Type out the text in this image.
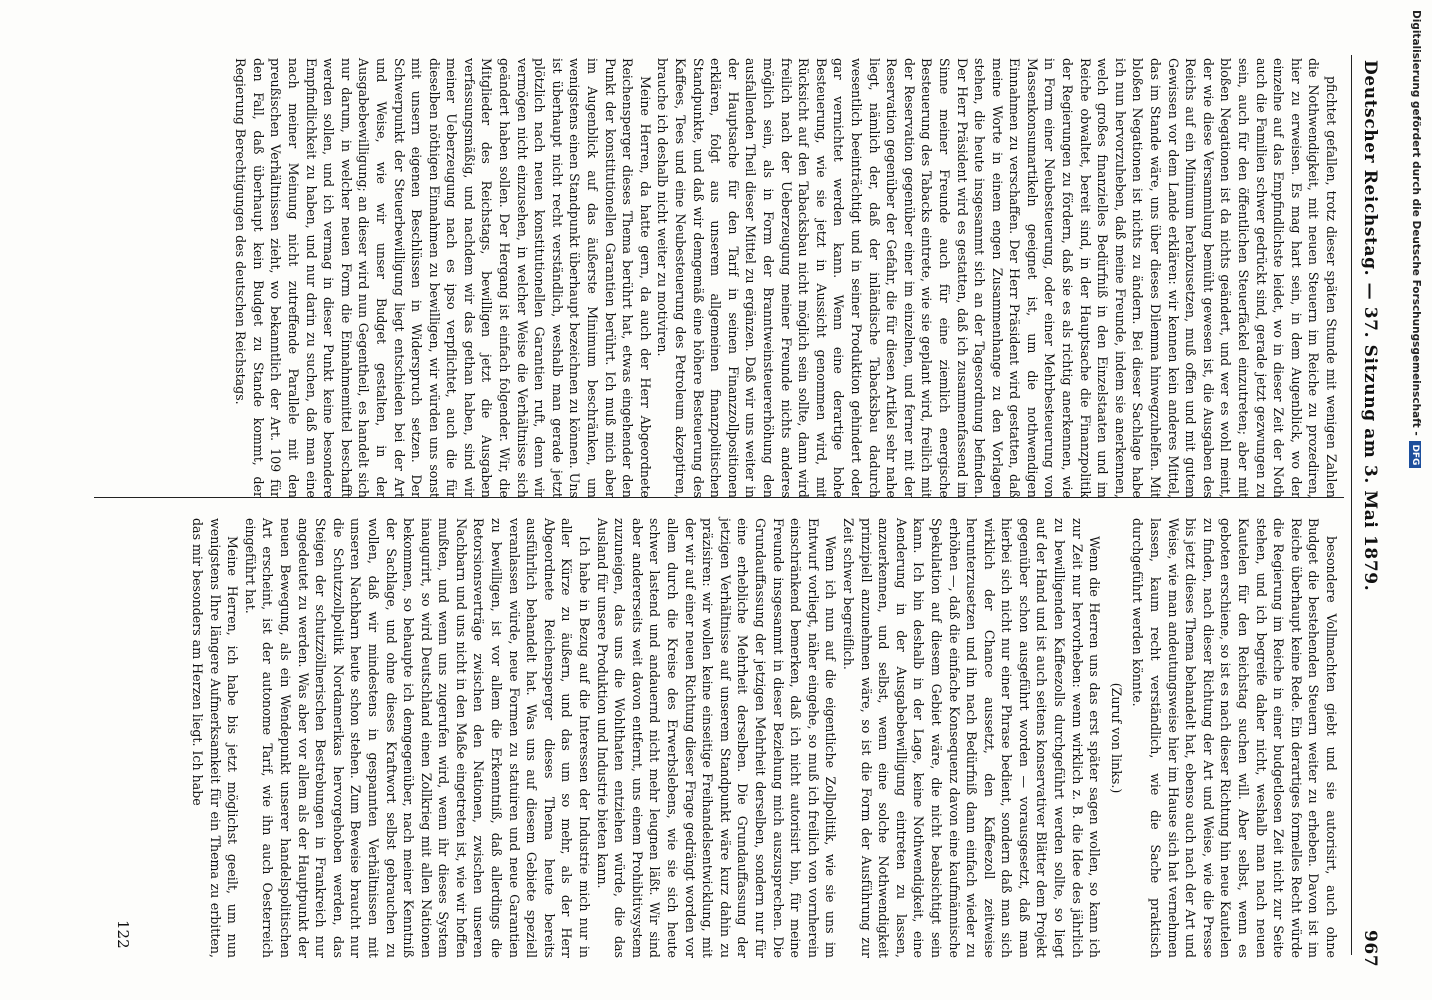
Deutscher Reichstag. — 37. Sitzung am 3. Mai 1879.
967

pfichtet gefallen, trotz dieser späten Stunde mit wenigen Zahlen die Nothwendigkeit, mit neuen Steuern im Reiche zu prozediren, hier zu erweisen. Es mag hart sein, in dem Augenblick, wo der einzelne auf das Empfindlichste leidet, wo in dieser Zeit der Noth auch die Familien schwer gedrückt sind, gerade jetzt gezwungen zu sein, auch für den öffentlichen Steuerfäckel einzutreten; aber mit bloßen Negationen ist da nichts geändert, und wer es wohl meint, der wie diese Versammlung bemüht gewesen ist, die Ausgaben des Reichs auf ein Minimum herabzusetzen, muß offen und mit gutem Gewissen vor dem Lande erklären: wir kennen kein anderes Mittel, das im Stande wäre, uns über dieses Dilemma hinwegzuhelfen. Mit bloßen Negationen ist nichts zu ändern. Bei dieser Sachlage habe ich nun hervorzuheben, daß meine Freunde, indem sie anerkennen, welch großes finanzielles Bedürfniß in den Einzelstaaten und im Reiche obwaltet, bereit sind, in der Hauptsache die Finanzpolitik der Regierungen zu fördern, daß sie es als richtig anerkennen, wie in Form einer Neubesteuerung, oder einer Mehrbesteuerung von Massenkonsumartikeln geeignet ist, um die nothwendigen Einnahmen zu verschaffen. Der Herr Präsident wird gestatten, daß meine Worte in einem engen Zusammenhange zu den Vorlagen stehen, die heute insgesammt sich an der Tagesordnung befinden. Der Herr Präsident wird es gestatten, daß ich zusammenfassend im Sinne meiner Freunde auch für eine ziemlich energische Besteuerung des Tabacks eintrete, wie sie geplant wird, freilich mit der Reservation gegenüber einer im einzelnen, und ferner mit der Reservation gegenüber der Gefahr, die für diesen Artikel sehr nahe liegt, nämlich der, daß der inländische Tabacksbau dadurch wesentlich beeinträchtigt und in seiner Produktion gehindert oder gar vernichtet werden kann. Wenn eine derartige hohe Besteuerung, wie sie jetzt in Aussicht genommen wird, mit Rücksicht auf den Tabacksbau nicht möglich sein sollte, dann wird freilich nach der Ueberzeugung meiner Freunde nichts anderes möglich sein, als in Form der Branntweinsteuererhöhung den ausfallenden Theil dieser Mittel zu ergänzen. Daß wir uns weiter in der Hauptsache für den Tarif in seinen Finanzzollpositionen erklären, folgt aus unserem allgemeinen finanzpolitischen Standpunkte, und daß wir demgemäß eine höhere Besteuerung des Kaffees, Tees und eine Neubesteuerung des Petroleum akzeptiren, brauche ich deshalb nicht weiter zu motiviren.

Meine Herren, da hatte gern, da auch der Herr Abgeordnete Reichensperger dieses Thema berührt hat, etwas eingehender den Punkt der konstitutionellen Garantien berührt. Ich muß mich aber im Augenblick auf das äußerste Minimum beschränken, um wenigstens einen Standpunkt überhaupt bezeichnen zu können. Uns ist überhaupt nicht recht verständlich, weshalb man gerade jetzt plötzlich nach neuen konstitutionellen Garantien ruft, denn wir vermögen nicht einzusehen, in welcher Weise die Verhältnisse sich geändert haben sollen. Der Hergang ist einfach folgender. Wir, die Mitglieder des Reichstags, bewilligen jetzt die Ausgaben verfassungsmäßig, und nachdem wir das gethan haben, sind wir meiner Ueberzeugung nach es ipso verpflichtet, auch die für dieselben nöthigen Einnahmen zu bewilligen, wir würden uns sonst mit unsern eigenen Beschlüssen in Widerspruch setzen. Der Schwerpunkt der Steuerbewilligung liegt entschieden bei der Art und Weise, wie wir unser Budget gestalten, in der Ausgabebewilligung; an dieser wird nun Gegentheil, es handelt sich nur darum, in welcher neuen Form die Einnahmemittel beschafft werden sollen, und ich vermag in dieser Punkt keine besondere Empfindlichkeit zu haben, und nur darin zu suchen, daß man eine nach meiner Meinung nicht zutreffende Parallele mit den preußischen Verhältnissen zieht, wo bekanntlich der Art. 109 für den Fall, daß überhaupt kein Budget zu Stande kommt, der Regierung Berechtigungen des deutschen Reichstags.

besondere Vollmachten giebt und sie autorisirt, auch ohne Budget die bestehenden Steuern weiter zu erheben. Davon ist im Reiche überhaupt keine Rede. Ein derartiges formelles Recht würde die Regierung im Reiche in einer budgetlosen Zeit nicht zur Seite stehen, und ich begreife daher nicht, weshalb man nach neuen Kautelen für den Reichstag suchen will. Aber selbst, wenn es geboten erschiene, so ist es nach dieser Richtung hin neue Kautelen zu finden, nach dieser Richtung der Art und Weise, wie die Presse bis jetzt dieses Thema behandelt hat, ebenso auch nach der Art und Weise, wie man andeutungsweise hier im Hause sich hat vernehmen lassen, kaum recht verständlich, wie die Sache praktisch durchgeführt werden könnte.

(Zuruf von links.)

Wenn die Herren uns das erst später sagen wollen, so kann ich zur Zeit nur hervorheben: wenn wirklich z. B. die Idee des jährlich zu bewilligenden Kaffeezolls durchgeführt werden sollte, so liegt auf der Hand und ist auch seitens konservativer Blätter dem Projekt gegenüber schon ausgeführt worden — vorausgesetzt, daß man hierbei sich nicht nur einer Phrase bedient, sondern daß man sich wirklich der Chance aussetzt, den Kaffeezoll zeitweise herunterzusetzen und ihn nach Bedürfniß dann einfach wieder zu erhöhen —, daß die einfache Konsequenz davon eine kaufmännische Spekulation auf diesem Gebiet wäre, die nicht beabsichtigt sein kann. Ich bin deshalb in der Lage, keine Nothwendigkeit, eine Aenderung in der Ausgabebewilligung eintreten zu lassen, anzuerkennen, und selbst, wenn eine solche Nothwendigkeit prinzipiell anzunehmen wäre, so ist die Form der Ausführung zur Zeit schwer begreiflich.

Wenn ich nun auf die eigentliche Zollpolitik, wie sie uns im Entwurf vorliegt, näher eingehe, so muß ich freilich von vornherein einschränkend bemerken, daß ich nicht autorisirt bin, für meine Freunde insgesammt in dieser Beziehung mich auszusprechen. Die Grundauffassung der jetzigen Mehrheit derselben, sondern nur für eine erhebliche Mehrheit derselben. Die Grundauffassung der jetzigen Verhältnisse auf unserem Standpunkt wäre kurz dahin zu präzisiren: wir wollen keine einseitige Freihandelsentwicklung, mit der wir auf einer neuen Richtung dieser Frage gedrängt worden vor allem durch die Kreise des Erwerbslebens, wie sie sich heute schwer lastend und andauernd nicht mehr leugnen läßt. Wir sind aber andererseits weit davon entfernt, uns einem Prohibitivsystem zuzuneigen, das uns die Wohlthaten entziehen würde, die das Ausland für unsere Produktion und Industrie bieten kann.

Ich habe in Bezug auf die Interessen der Industrie mich nur in aller Kürze zu äußern, und das um so mehr, als der Herr Abgeordnete Reichensperger dieses Thema heute bereits ausführlich behandelt hat. Was uns auf diesem Gebiete speziell veranlassen würde, neue Formen zu statuiren und neue Garantien zu bewilligen, ist vor allem die Erkenntniß, daß allerdings die Retorsionsverträge zwischen den Nationen, zwischen unseren Nachbarn und uns nicht in den Maße eingetreten ist, wie wir hoffen mußten, und wenn uns zugerufen wird, wenn ihr dieses System inaugurirt, so wird Deutschland einen Zollkrieg mit allen Nationen bekommen, so behaupte ich demgegenüber, nach meiner Kenntniß der Sachlage, und ohne dieses Kraftwort selbst gebrauchen zu wollen, daß wir mindestens in gespannten Verhältnissen mit unseren Nachbarn heute schon stehen. Zum Beweise braucht nur die Schutzzollpolitik Nordamerikas hervorgehoben werden, das Steigen der schutzzöllnerischen Bestrebungen in Frankreich nur angedeutet zu werden. Was aber vor allem als der Hauptpunkt der neuen Bewegung, als ein Wendepunkt unserer handelspolitischen Art erscheint, ist der autonome Tarif, wie ihn auch Oesterreich eingeführt hat.

Meine Herren, ich habe bis jetzt möglichst geeilt, um nun wenigstens Ihre längere Aufmerksamkeit für ein Thema zu erbitten, das mir besonders am Herzen liegt. Ich habe

122
Digitalisierung gefördert durch die Deutsche Forschungsgemeinschaft - DFG
